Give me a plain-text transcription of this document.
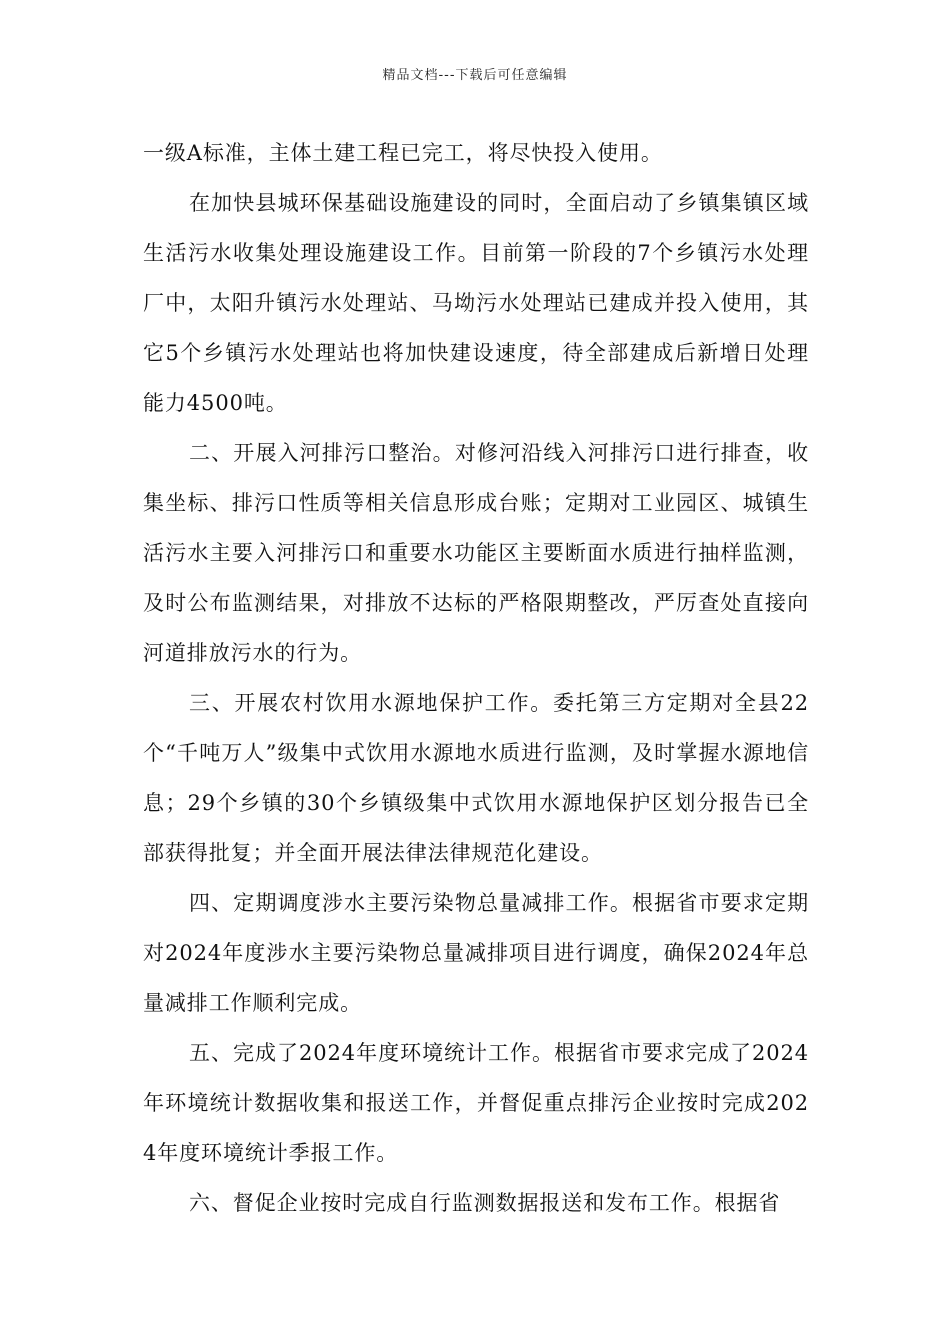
精品文档---下载后可任意编辑

一级A标准，主体土建工程已完工，将尽快投入使用。

在加快县城环保基础设施建设的同时，全面启动了乡镇集镇区域生活污水收集处理设施建设工作。目前第一阶段的7个乡镇污水处理厂中，太阳升镇污水处理站、马坳污水处理站已建成并投入使用，其它5个乡镇污水处理站也将加快建设速度，待全部建成后新增日处理能力4500吨。

二、开展入河排污口整治。对修河沿线入河排污口进行排查，收集坐标、排污口性质等相关信息形成台账；定期对工业园区、城镇生活污水主要入河排污口和重要水功能区主要断面水质进行抽样监测，及时公布监测结果，对排放不达标的严格限期整改，严厉查处直接向河道排放污水的行为。

三、开展农村饮用水源地保护工作。委托第三方定期对全县22个“千吨万人”级集中式饮用水源地水质进行监测，及时掌握水源地信息；29个乡镇的30个乡镇级集中式饮用水源地保护区划分报告已全部获得批复；并全面开展法律法律规范化建设。

四、定期调度涉水主要污染物总量减排工作。根据省市要求定期对2024年度涉水主要污染物总量减排项目进行调度，确保2024年总量减排工作顺利完成。

五、完成了2024年度环境统计工作。根据省市要求完成了2024年环境统计数据收集和报送工作，并督促重点排污企业按时完成2024年度环境统计季报工作。

六、督促企业按时完成自行监测数据报送和发布工作。根据省
